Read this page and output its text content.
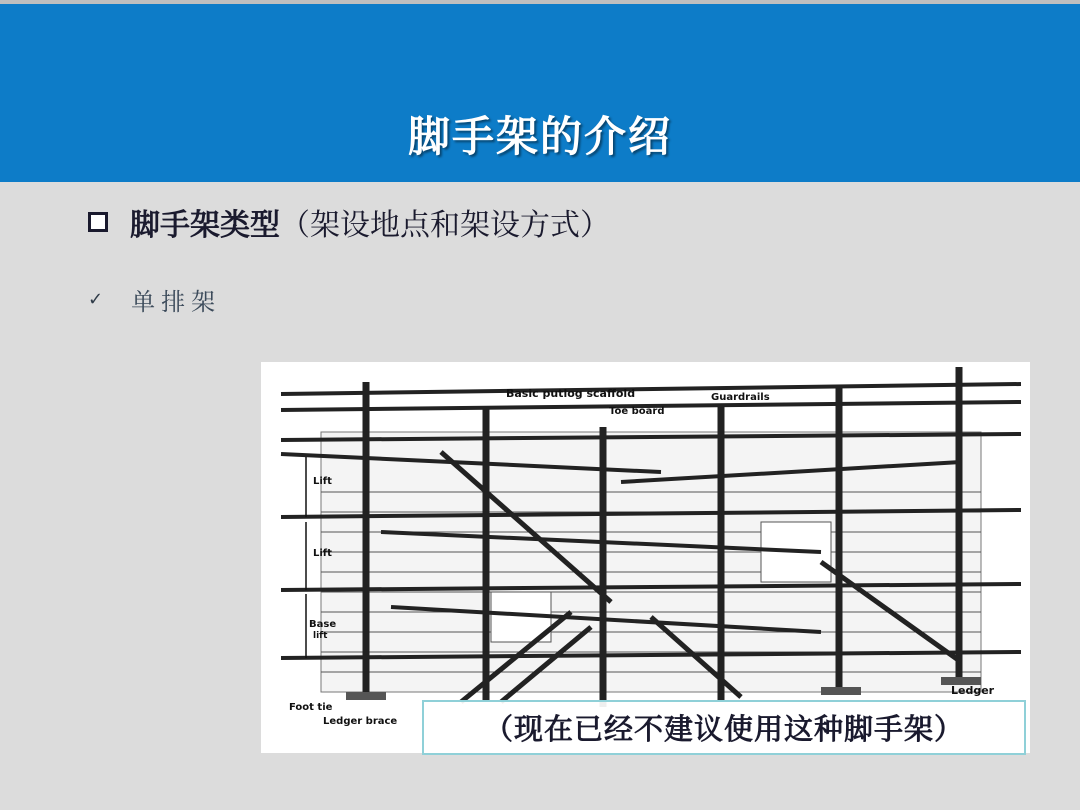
脚手架的介绍
脚手架类型 （架设地点和架设方式）
✓ 单排架
Basic putlog scaffold
Toe board
Guardrails
Lift
Lift
Base
lift
Foot tie
Ledger brace
Ledger
（现在已经不建议使用这种脚手架）
